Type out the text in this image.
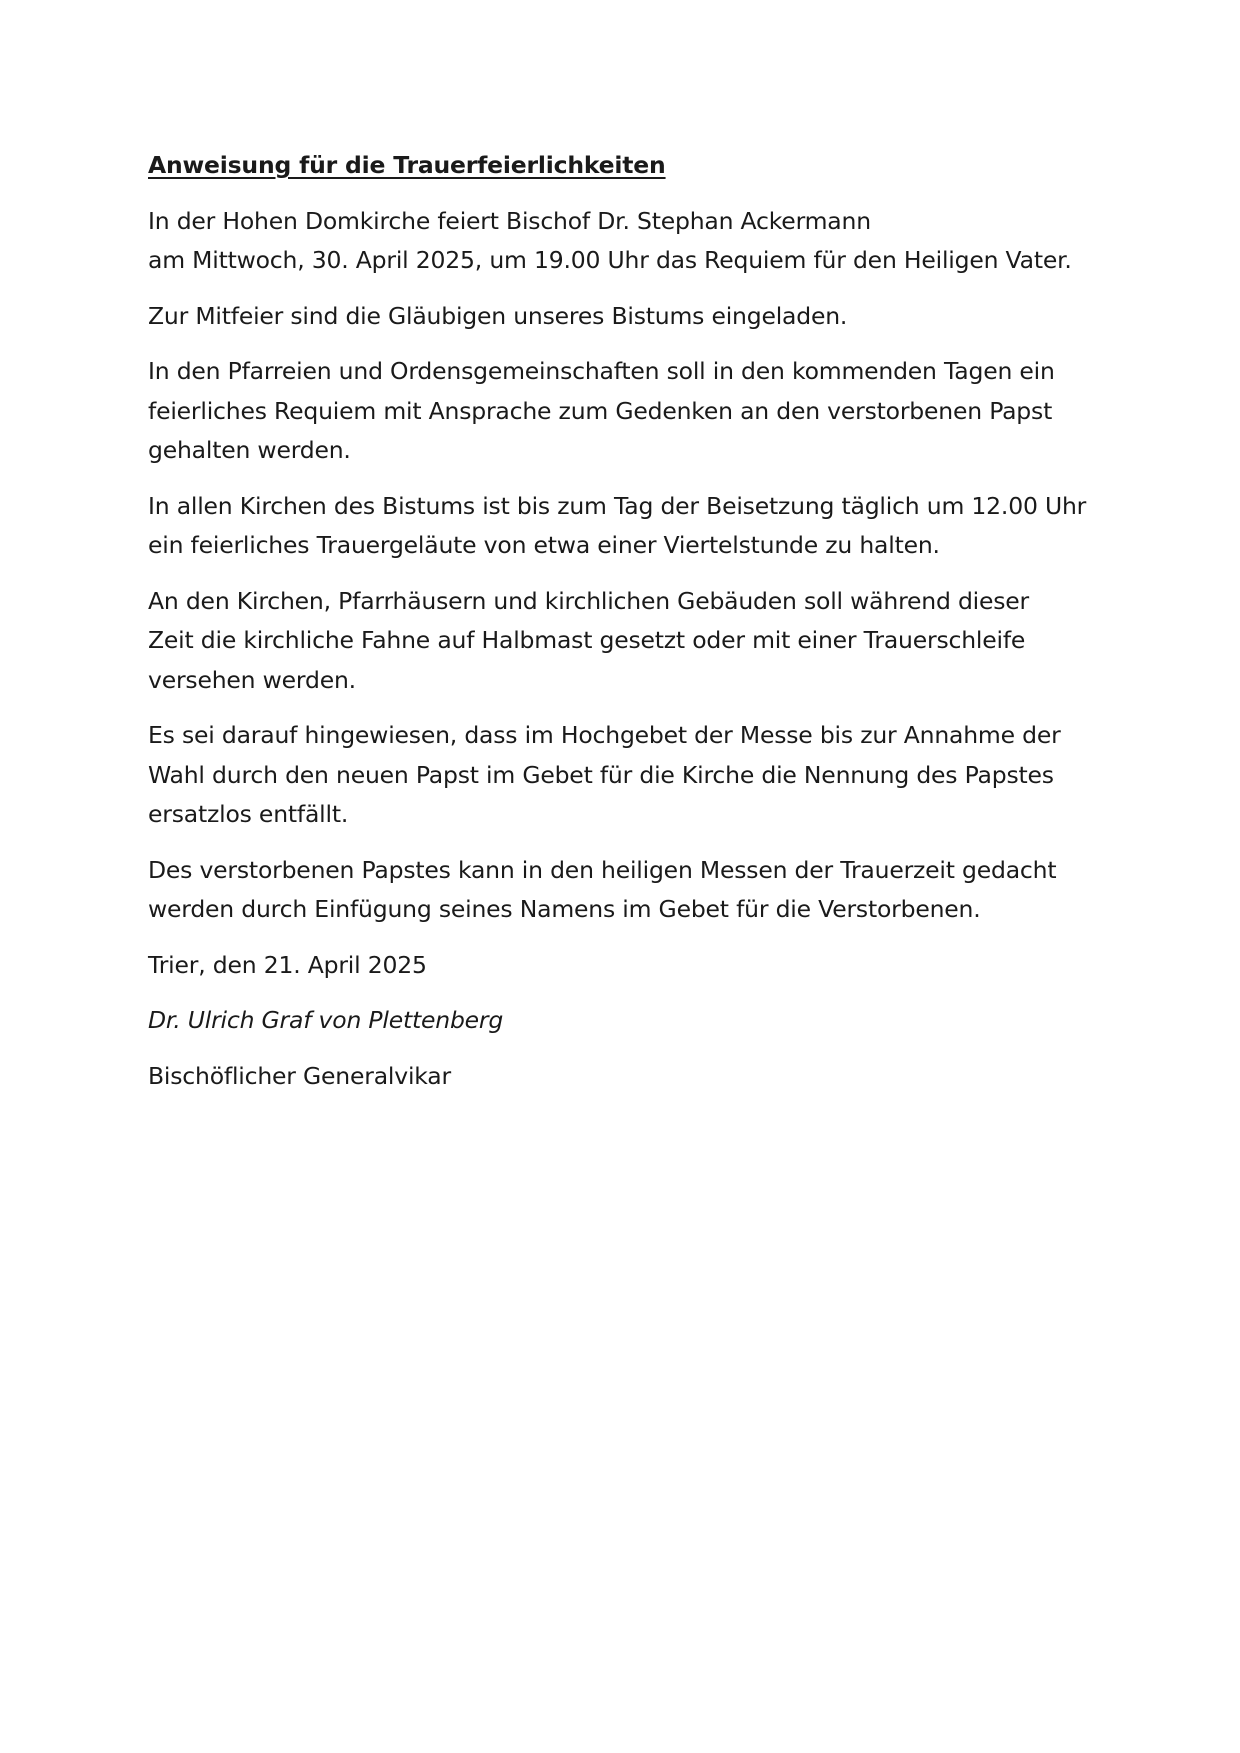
Anweisung für die Trauerfeierlichkeiten

In der Hohen Domkirche feiert Bischof Dr. Stephan Ackermann
am Mittwoch, 30. April 2025, um 19.00 Uhr das Requiem für den Heiligen Vater.

Zur Mitfeier sind die Gläubigen unseres Bistums eingeladen.

In den Pfarreien und Ordensgemeinschaften soll in den kommenden Tagen ein
feierliches Requiem mit Ansprache zum Gedenken an den verstorbenen Papst
gehalten werden.

In allen Kirchen des Bistums ist bis zum Tag der Beisetzung täglich um 12.00 Uhr
ein feierliches Trauergeläute von etwa einer Viertelstunde zu halten.

An den Kirchen, Pfarrhäusern und kirchlichen Gebäuden soll während dieser
Zeit die kirchliche Fahne auf Halbmast gesetzt oder mit einer Trauerschleife
versehen werden.

Es sei darauf hingewiesen, dass im Hochgebet der Messe bis zur Annahme der
Wahl durch den neuen Papst im Gebet für die Kirche die Nennung des Papstes
ersatzlos entfällt.

Des verstorbenen Papstes kann in den heiligen Messen der Trauerzeit gedacht
werden durch Einfügung seines Namens im Gebet für die Verstorbenen.

Trier, den 21. April 2025

Dr. Ulrich Graf von Plettenberg

Bischöflicher Generalvikar
